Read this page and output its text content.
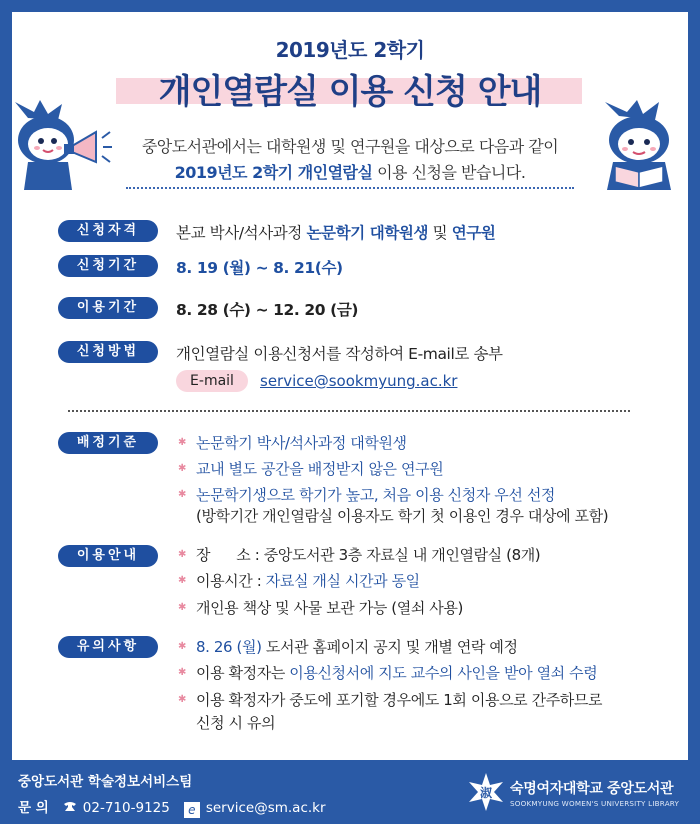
2019년도 2학기
개인열람실 이용 신청 안내
중앙도서관에서는 대학원생 및 연구원을 대상으로 다음과 같이
2019년도 2학기 개인열람실 이용 신청을 받습니다.
신청자격	본교 박사/석사과정 논문학기 대학원생 및 연구원
신청기간	8. 19 (월) ~ 8. 21(수)
이용기간	8. 28 (수) ~ 12. 20 (금)
신청방법	개인열람실 이용신청서를 작성하여 E-mail로 송부
E-mail	service@sookmyung.ac.kr
배정기준	✱ 논문학기 박사/석사과정 대학원생
✱ 교내 별도 공간을 배정받지 않은 연구원
✱ 논문학기생으로 학기가 높고, 처음 이용 신청자 우선 선정
(방학기간 개인열람실 이용자도 학기 첫 이용인 경우 대상에 포함)
이용안내	✱ 장      소 : 중앙도서관 3층 자료실 내 개인열람실 (8개)
✱ 이용시간 : 자료실 개실 시간과 동일
✱ 개인용 책상 및 사물 보관 가능 (열쇠 사용)
유의사항	✱ 8. 26 (월) 도서관 홈페이지 공지 및 개별 연락 예정
✱ 이용 확정자는 이용신청서에 지도 교수의 사인을 받아 열쇠 수령
✱ 이용 확정자가 중도에 포기할 경우에도 1회 이용으로 간주하므로
신청 시 유의
중앙도서관 학술정보서비스팀
문 의	02-710-9125 e service@sm.ac.kr
淑 숙명여자대학교 중앙도서관
SOOKMYUNG WOMEN'S UNIVERSITY LIBRARY
